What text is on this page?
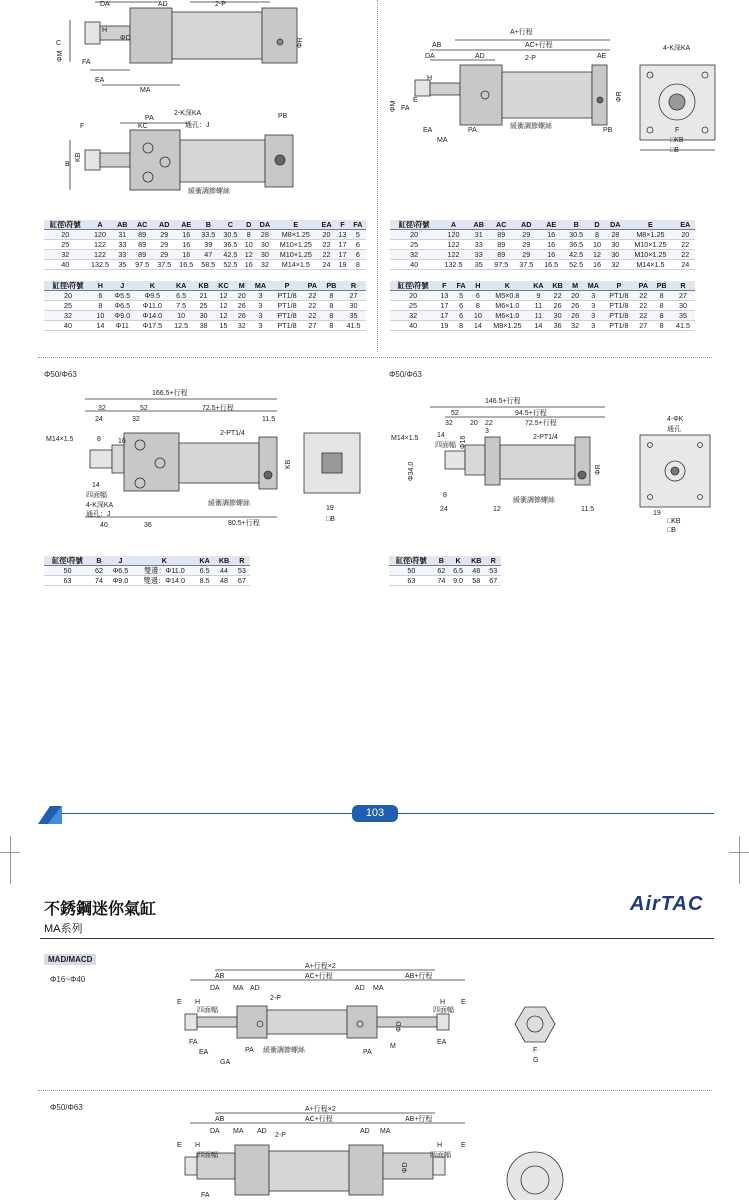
DA	AD	2-P
C
ΦM
H
ΦD	ΦR
FA
EA
MA
PA
2-K深KA
通孔：J
KC
F
KB
B
PB
緩衝調節螺絲
A+行程
AB	AC+行程
DA	AD	2-P	AE
4-K深KA
ΦM
H
FA
E	ΦR
EA
MA
PA	PB
緩衝調節螺絲
F
□KB
□B
缸徑\符號	A	AB	AC	AD	AE	B	C	D	DA	E	EA	F	FA
20	120	31	89	29	16	33.5	30.5	8	28	M8×1.25	20	13	5
25	122	33	89	29	16	39	36.5	10	30	M10×1.25	22	17	6
32	122	33	89	29	16	47	42.5	12	30	M10×1.25	22	17	6
40	132.5	35	97.5	37.5	16.5	58.5	52.5	16	32	M14×1.5	24	19	8
缸徑\符號	H	J	K	KA	KB	KC	M	MA	P	PA	PB	R
20	6	Φ5.5	Φ9.5	6.5	21	12	20	3	PT1/8	22	8	27
25	8	Φ6.5	Φ11.0	7.5	25	12	26	3	PT1/8	22	8	30
32	10	Φ9.0	Φ14.0	10	30	12	26	3	PT1/8	22	8	35
40	14	Φ11	Φ17.5	12.5	38	15	32	3	PT1/8	27	8	41.5
缸徑\符號	A	AB	AC	AD	AE	B	D	DA	E	EA
20	120	31	89	29	16	30.5	8	28	M8×1.25	20
25	122	33	89	29	16	36.5	10	30	M10×1.25	22
32	122	33	89	29	16	42.5	12	30	M10×1.25	22
40	132.5	35	97.5	37.5	16.5	52.5	16	32	M14×1.5	24
缸徑\符號	F	FA	H	K	KA	KB	M	MA	P	PA	PB	R
20	13	5	6	M5×0.8	9	22	20	3	PT1/8	22	8	27
25	17	6	8	M6×1.0	11	26	26	3	PT1/8	22	8	30
32	17	6	10	M6×1.0	11	30	26	3	PT1/8	22	8	35
40	19	8	14	M8×1.25	14	36	32	3	PT1/8	27	8	41.5
Φ50/Φ63
166.5+行程
32	52	72.5+行程
24	32	11.5
M14×1.5	8 16
2-PT1/4
14
四面幅
4-K深KA
通孔：J
40	36	80.5+行程
緩衝調節螺絲
KB
19
□B
Φ50/Φ63
146.5+行程
52	94.5+行程
32 20 22	72.5+行程
3
M14×1.5	14
Φ16	2-PT1/4
Φ34.0
四面幅
8
24	12	11.5
緩衝調節螺絲
ΦR
4-ΦK
通孔
19
□KB
□B
缸徑\符號	B	J	K	KA	KB	R
50	62	Φ6.5	雙邊：Φ11.0	6.5	44	53
63	74	Φ9.0	雙邊：Φ14.0	8.5	48	67
缸徑\符號	B	K	KB	R
50	62	6.5	48	53
63	74	9.0	58	67
103
不銹鋼迷你氣缸
MA系列
AirTAC
MAD/MACD
Φ16~Φ40
A+行程×2
AB	AC+行程	AB+行程
DA MA AD	AD MA
2-P
E H
四面幅
H
四面幅
E
ΦD
FA
EA	PA 緩衝調節螺絲
M
PA
EA
GA
F
G
Φ50/Φ63	A+行程×2
AB	AC+行程	AB+行程
DA MA AD
2-P
AD MA
E H
四面幅
H
四面幅
E
ΦD
FA
